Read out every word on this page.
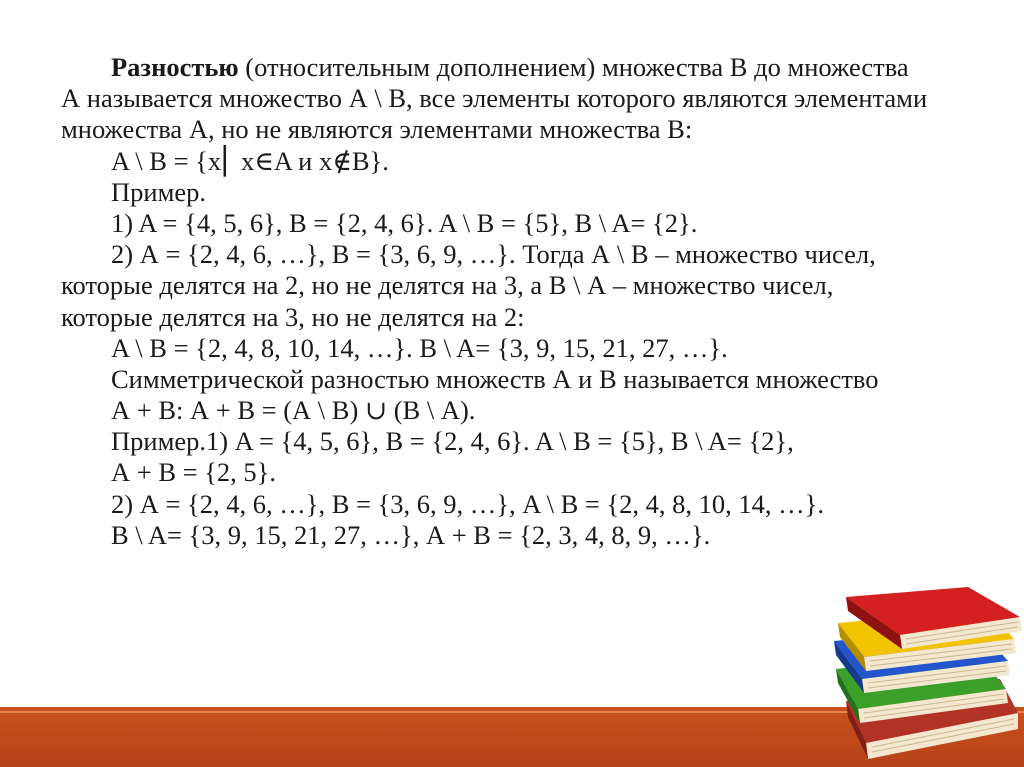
Разностью (относительным дополнением) множества B до множества
А называется множество А \ В, все элементы которого являются элементами
множества А, но не являются элементами множества В:
A \ B = {x⎜ x∈A и x∉B}.
Пример.
1) A = {4, 5, 6}, B = {2, 4, 6}. A \ B = {5}, B \ A= {2}.
2) А = {2, 4, 6, …}, В = {3, 6, 9, …}. Тогда А \ В – множество чисел,
которые делятся на 2, но не делятся на 3, а В \ А – множество чисел,
которые делятся на 3, но не делятся на 2:
A \ B = {2, 4, 8, 10, 14, …}. B \ A= {3, 9, 15, 21, 27, …}.
Симметрической разностью множеств А и В называется множество
А + В: А + В = (А \ В) ∪ (В \ А).
Пример.1) A = {4, 5, 6}, B = {2, 4, 6}. A \ B = {5}, B \ A= {2},
А + В = {2, 5}.
2) А = {2, 4, 6, …}, В = {3, 6, 9, …}, A \ B = {2, 4, 8, 10, 14, …}.
B \ A= {3, 9, 15, 21, 27, …}, А + В = {2, 3, 4, 8, 9, …}.
